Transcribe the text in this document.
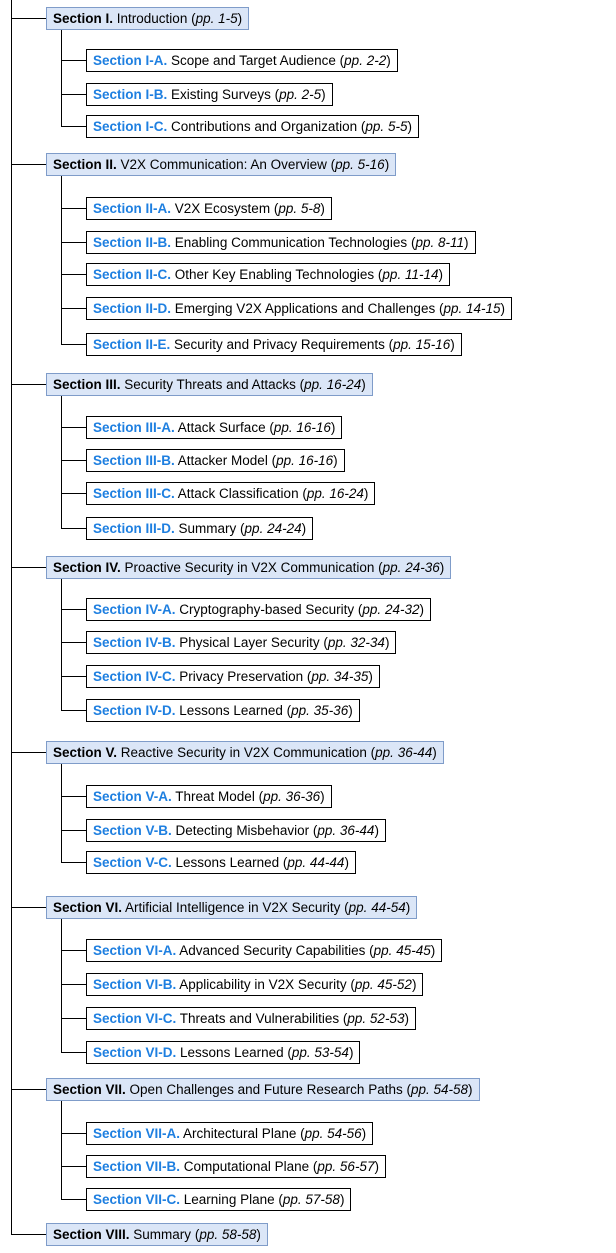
Section I. Introduction (pp. 1-5)
Section I-A. Scope and Target Audience (pp. 2-2)
Section I-B. Existing Surveys (pp. 2-5)
Section I-C. Contributions and Organization (pp. 5-5)
Section II. V2X Communication: An Overview (pp. 5-16)
Section II-A. V2X Ecosystem (pp. 5-8)
Section II-B. Enabling Communication Technologies (pp. 8-11)
Section II-C. Other Key Enabling Technologies (pp. 11-14)
Section II-D. Emerging V2X Applications and Challenges (pp. 14-15)
Section II-E. Security and Privacy Requirements (pp. 15-16)
Section III. Security Threats and Attacks (pp. 16-24)
Section III-A. Attack Surface (pp. 16-16)
Section III-B. Attacker Model (pp. 16-16)
Section III-C. Attack Classification (pp. 16-24)
Section III-D. Summary (pp. 24-24)
Section IV. Proactive Security in V2X Communication (pp. 24-36)
Section IV-A. Cryptography-based Security (pp. 24-32)
Section IV-B. Physical Layer Security (pp. 32-34)
Section IV-C. Privacy Preservation (pp. 34-35)
Section IV-D. Lessons Learned (pp. 35-36)
Section V. Reactive Security in V2X Communication (pp. 36-44)
Section V-A. Threat Model (pp. 36-36)
Section V-B. Detecting Misbehavior (pp. 36-44)
Section V-C. Lessons Learned (pp. 44-44)
Section VI. Artificial Intelligence in V2X Security (pp. 44-54)
Section VI-A. Advanced Security Capabilities (pp. 45-45)
Section VI-B. Applicability in V2X Security (pp. 45-52)
Section VI-C. Threats and Vulnerabilities (pp. 52-53)
Section VI-D. Lessons Learned (pp. 53-54)
Section VII. Open Challenges and Future Research Paths (pp. 54-58)
Section VII-A. Architectural Plane (pp. 54-56)
Section VII-B. Computational Plane (pp. 56-57)
Section VII-C. Learning Plane (pp. 57-58)
Section VIII. Summary (pp. 58-58)
